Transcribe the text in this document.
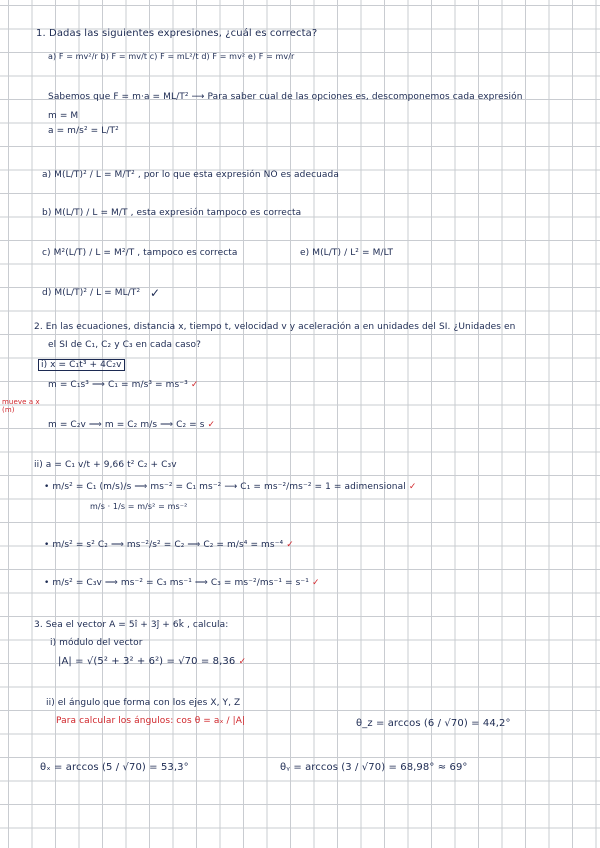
1. Dadas las siguientes expresiones, ¿cuál es correcta?
a) F = mv²/r b) F = mv/t c) F = mL²/t d) F = mv² e) F = mv/r
Sabemos que F = m·a = ML/T² ⟶ Para saber cual de las opciones es, descomponemos cada expresión
m = M
a = m/s² = L/T²
a) M(L/T)² / L = M/T² , por lo que esta expresión NO es adecuada
b) M(L/T) / L = M/T , esta expresión tampoco es correcta
c) M²(L/T) / L = M²/T , tampoco es correcta	e) M(L/T) / L² = M/LT
d) M(L/T)² / L = ML/T² ✓
2. En las ecuaciones, distancia x, tiempo t, velocidad v y aceleración a en unidades del SI. ¿Unidades en
el SI de C₁, C₂ y C₃ en cada caso?
i) x = C₁t³ + 4C₂v
m = C₁s³ ⟹ C₁ = m/s³ = ms⁻³ ✓
mueve a x (m)
m = C₂v ⟹ m = C₂ m/s ⟹ C₂ = s ✓
ii) a = C₁ v/t + 9,66 t² C₂ + C₃v
• m/s² = C₁ (m/s)/s ⟹ ms⁻² = C₁ ms⁻² ⟶ C₁ = ms⁻²/ms⁻² = 1 = adimensional ✓
m/s · 1/s = m/s² = ms⁻²
• m/s² = s² C₂ ⟹ ms⁻²/s² = C₂ ⟹ C₂ = m/s⁴ = ms⁻⁴ ✓
• m/s² = C₃v ⟹ ms⁻² = C₃ ms⁻¹ ⟹ C₃ = ms⁻²/ms⁻¹ = s⁻¹ ✓
3. Sea el vector A = 5î + 3ĵ + 6k̂ , calcula:
i) módulo del vector
|A| = √(5² + 3² + 6²) = √70 = 8,36 ✓
ii) el ángulo que forma con los ejes X, Y, Z
Para calcular los ángulos: cos θ = aₓ / |A|	θ_z = arccos (6 / √70) = 44,2°
θₓ = arccos (5 / √70) = 53,3°	θᵧ = arccos (3 / √70) = 68,98° ≈ 69°
